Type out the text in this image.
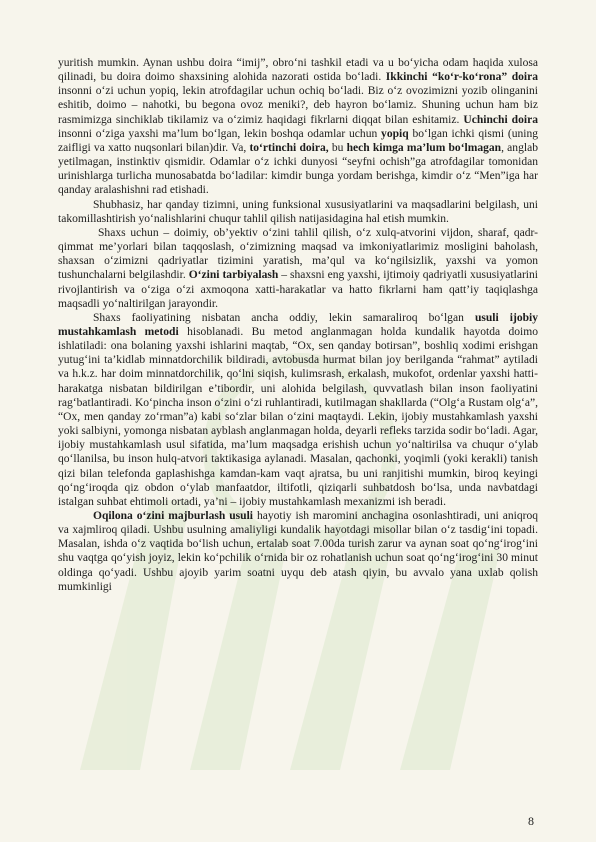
yuritish mumkin. Aynan ushbu doira “imij”, obro‘ni tashkil etadi va u bo‘yicha odam haqida xulosa qilinadi, bu doira doimo shaxsining alohida nazorati ostida bo‘ladi. Ikkinchi “ko‘r-ko‘rona” doira insonni o‘zi uchun yopiq, lekin atrofdagilar uchun ochiq bo‘ladi. Biz o‘z ovozimizni yozib olinganini eshitib, doimo – nahotki, bu begona ovoz meniki?, deb hayron bo‘lamiz. Shuning uchun ham biz rasmimizga sinchiklab tikilamiz va o‘zimiz haqidagi fikrlarni diqqat bilan eshitamiz. Uchinchi doira insonni o‘ziga yaxshi ma’lum bo‘lgan, lekin boshqa odamlar uchun yopiq bo‘lgan ichki qismi (uning zaifligi va xatto nuqsonlari bilan)dir. Va, to‘rtinchi doira, bu hech kimga ma’lum bo‘lmagan, anglab yetilmagan, instinktiv qismidir. Odamlar o‘z ichki dunyosi “seyfni ochish”ga atrofdagilar tomonidan urinishlarga turlicha munosabatda bo‘ladilar: kimdir bunga yordam berishga, kimdir o‘z “Men”iga har qanday aralashishni rad etishadi.

Shubhasiz, har qanday tizimni, uning funksional xususiyatlarini va maqsadlarini belgilash, uni takomillashtirish yo‘nalishlarini chuqur tahlil qilish natijasidagina hal etish mumkin.

Shaxs uchun – doimiy, ob’yektiv o‘zini tahlil qilish, o‘z xulq-atvorini vijdon, sharaf, qadr-qimmat me’yorlari bilan taqqoslash, o‘zimizning maqsad va imkoniyatlarimiz mosligini baholash, shaxsan o‘zimizni qadriyatlar tizimini yaratish, ma’qul va ko‘ngilsizlik, yaxshi va yomon tushunchalarni belgilashdir. O‘zini tarbiyalash – shaxsni eng yaxshi, ijtimoiy qadriyatli xususiyatlarini rivojlantirish va o‘ziga o‘zi axmoqona xatti-harakatlar va hatto fikrlarni ham qatt’iy taqiqlashga maqsadli yo‘naltirilgan jarayondir.

Shaxs faoliyatining nisbatan ancha oddiy, lekin samaraliroq bo‘lgan usuli ijobiy mustahkamlash metodi hisoblanadi. Bu metod anglanmagan holda kundalik hayotda doimo ishlatiladi: ona bolaning yaxshi ishlarini maqtab, “Ox, sen qanday botirsan”, boshliq xodimi erishgan yutug‘ini ta’kidlab minnatdorchilik bildiradi, avtobusda hurmat bilan joy berilganda “rahmat” aytiladi va h.k.z. har doim minnatdorchilik, qo‘lni siqish, kulimsrash, erkalash, mukofot, ordenlar yaxshi hatti-harakatga nisbatan bildirilgan e’tibordir, uni alohida belgilash, quvvatlash bilan inson faoliyatini rag‘batlantiradi. Ko‘pincha inson o‘zini o‘zi ruhlantiradi, kutilmagan shakllarda (“Olg‘a Rustam olg‘a”, “Ox, men qanday zo‘rman”a) kabi so‘zlar bilan o‘zini maqtaydi. Lekin, ijobiy mustahkamlash yaxshi yoki salbiyni, yomonga nisbatan ayblash anglanmagan holda, deyarli refleks tarzida sodir bo‘ladi. Agar, ijobiy mustahkamlash usul sifatida, ma’lum maqsadga erishish uchun yo‘naltirilsa va chuqur o‘ylab qo‘llanilsa, bu inson hulq-atvori taktikasiga aylanadi. Masalan, qachonki, yoqimli (yoki kerakli) tanish qizi bilan telefonda gaplashishga kamdan-kam vaqt ajratsa, bu uni ranjitishi mumkin, biroq keyingi qo‘ng‘iroqda qiz obdon o‘ylab manfaatdor, iltifotli, qiziqarli suhbatdosh bo‘lsa, unda navbatdagi istalgan suhbat ehtimoli ortadi, ya’ni – ijobiy mustahkamlash mexanizmi ish beradi.

Oqilona o‘zini majburlash usuli hayotiy ish maromini anchagina osonlashtiradi, uni aniqroq va xajmliroq qiladi. Ushbu usulning amaliyligi kundalik hayotdagi misollar bilan o‘z tasdig‘ini topadi. Masalan, ishda o‘z vaqtida bo‘lish uchun, ertalab soat 7.00da turish zarur va aynan soat qo‘ng‘irog‘ini shu vaqtga qo‘yish joyiz, lekin ko‘pchilik o‘rnida bir oz rohatlanish uchun soat qo‘ng‘irog‘ini 30 minut oldinga qo‘yadi. Ushbu ajoyib yarim soatni uyqu deb atash qiyin, bu avvalo yana uxlab qolish mumkinligi

8
